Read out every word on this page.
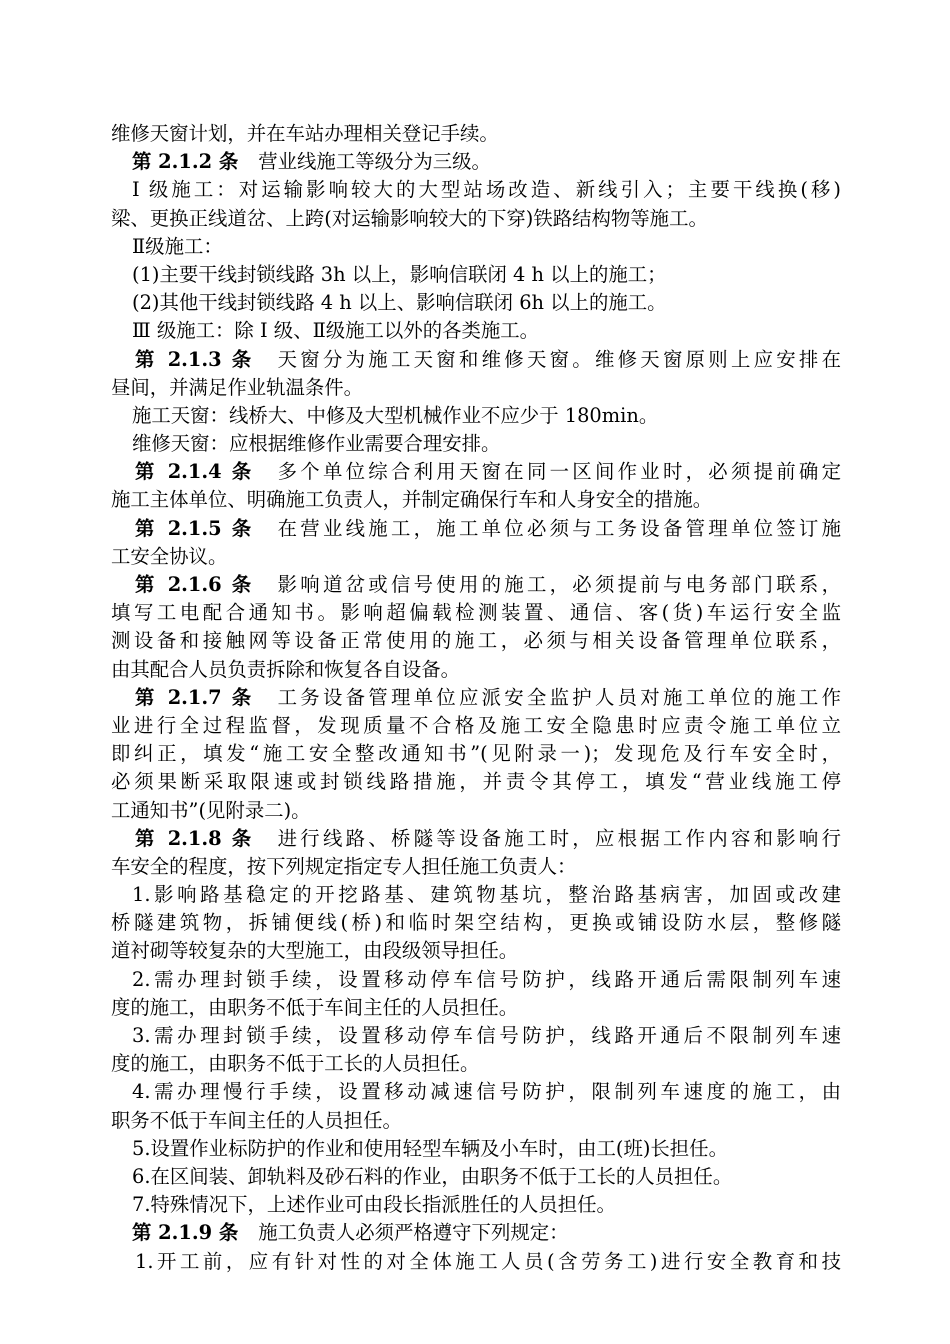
维修天窗计划，并在车站办理相关登记手续。
第 2.1.2 条 营业线施工等级分为三级。
I 级施工：对运输影响较大的大型站场改造、新线引入；主要干线换(移)
梁、更换正线道岔、上跨(对运输影响较大的下穿)铁路结构物等施工。
Ⅱ级施工：
(1)主要干线封锁线路 3h 以上，影响信联闭 4 h 以上的施工；
(2)其他干线封锁线路 4 h 以上、影响信联闭 6h 以上的施工。
Ⅲ 级施工：除 I 级、Ⅱ级施工以外的各类施工。
第 2.1.3 条 天窗分为施工天窗和维修天窗。维修天窗原则上应安排在
昼间，并满足作业轨温条件。
施工天窗：线桥大、中修及大型机械作业不应少于 180min。
维修天窗：应根据维修作业需要合理安排。
第 2.1.4 条 多个单位综合利用天窗在同一区间作业时，必须提前确定
施工主体单位、明确施工负责人，并制定确保行车和人身安全的措施。
第 2.1.5 条 在营业线施工，施工单位必须与工务设备管理单位签订施
工安全协议。
第 2.1.6 条 影响道岔或信号使用的施工，必须提前与电务部门联系，
填写工电配合通知书。影响超偏载检测装置、通信、客(货)车运行安全监
测设备和接触网等设备正常使用的施工，必须与相关设备管理单位联系，
由其配合人员负责拆除和恢复各自设备。
第 2.1.7 条 工务设备管理单位应派安全监护人员对施工单位的施工作
业进行全过程监督，发现质量不合格及施工安全隐患时应责令施工单位立
即纠正，填发“施工安全整改通知书”(见附录一)；发现危及行车安全时，
必须果断采取限速或封锁线路措施，并责令其停工，填发“营业线施工停
工通知书”(见附录二)。
第 2.1.8 条 进行线路、桥隧等设备施工时，应根据工作内容和影响行
车安全的程度，按下列规定指定专人担任施工负责人：
1.影响路基稳定的开挖路基、建筑物基坑，整治路基病害，加固或改建
桥隧建筑物，拆铺便线(桥)和临时架空结构，更换或铺设防水层，整修隧
道衬砌等较复杂的大型施工，由段级领导担任。
2.需办理封锁手续，设置移动停车信号防护，线路开通后需限制列车速
度的施工，由职务不低于车间主任的人员担任。
3.需办理封锁手续，设置移动停车信号防护，线路开通后不限制列车速
度的施工，由职务不低于工长的人员担任。
4.需办理慢行手续，设置移动减速信号防护，限制列车速度的施工，由
职务不低于车间主任的人员担任。
5.设置作业标防护的作业和使用轻型车辆及小车时，由工(班)长担任。
6.在区间装、卸轨料及砂石料的作业，由职务不低于工长的人员担任。
7.特殊情况下，上述作业可由段长指派胜任的人员担任。
第 2.1.9 条 施工负责人必须严格遵守下列规定：
1.开工前，应有针对性的对全体施工人员(含劳务工)进行安全教育和技
